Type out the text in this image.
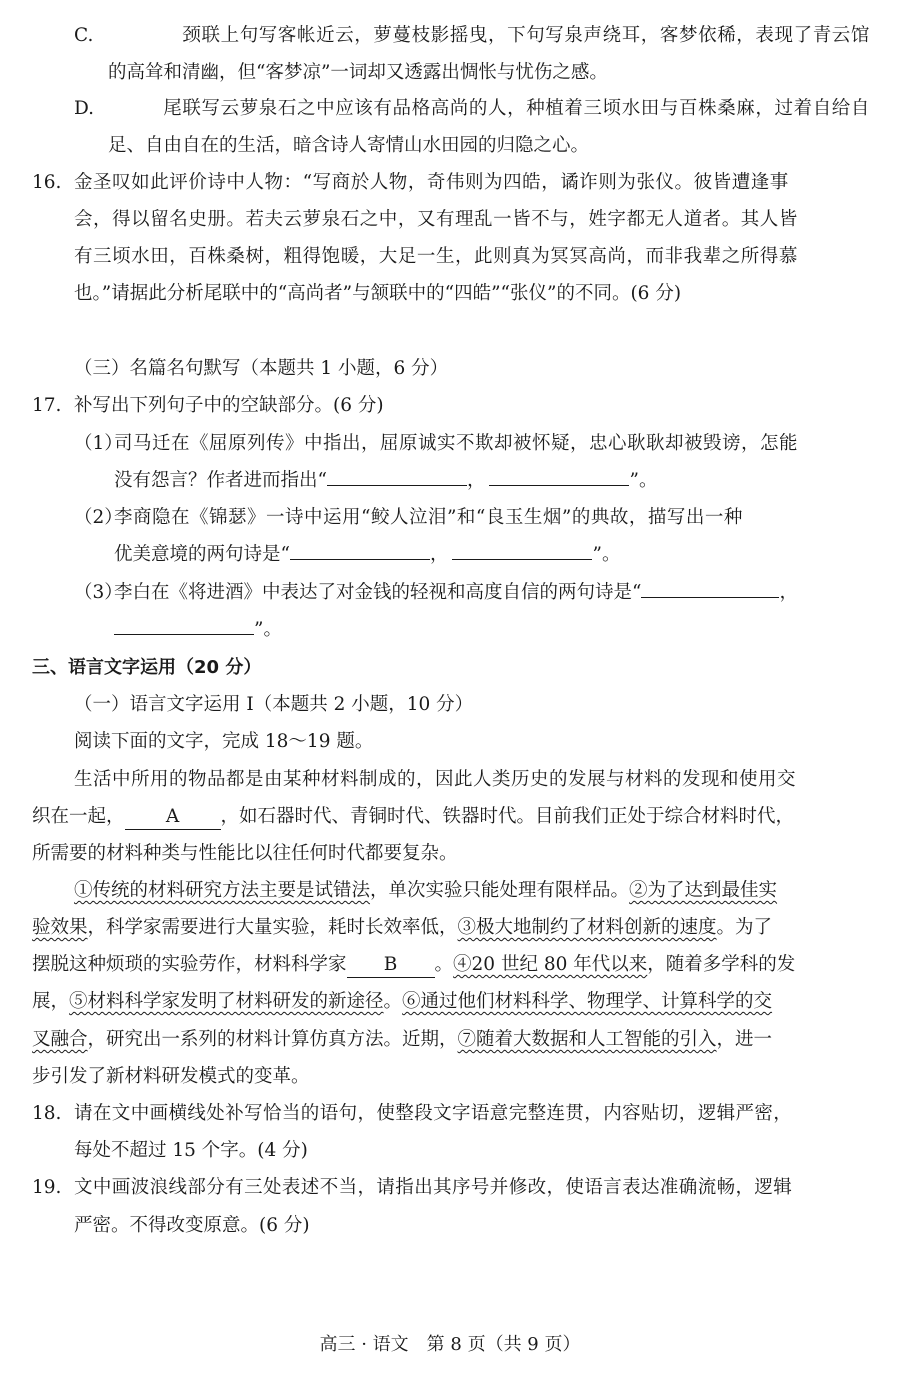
C.	颈联上句写客帐近云，萝蔓枝影摇曳，下句写泉声绕耳，客梦依稀，表现了青云馆
的高耸和清幽，但“客梦凉”一词却又透露出惆怅与忧伤之感。
D.	尾联写云萝泉石之中应该有品格高尚的人，种植着三顷水田与百株桑麻，过着自给自
足、自由自在的生活，暗含诗人寄情山水田园的归隐之心。
16. 金圣叹如此评价诗中人物：“写商於人物，奇伟则为四皓，谲诈则为张仪。彼皆遭逢事
会，得以留名史册。若夫云萝泉石之中，又有理乱一皆不与，姓字都无人道者。其人皆
有三顷水田，百株桑树，粗得饱暖，大足一生，此则真为冥冥高尚，而非我辈之所得慕
也。”请据此分析尾联中的“高尚者”与颔联中的“四皓”“张仪”的不同。(6 分)
（三）名篇名句默写（本题共 1 小题，6 分）
17. 补写出下列句子中的空缺部分。(6 分)
（1）司马迁在《屈原列传》中指出，屈原诚实不欺却被怀疑，忠心耿耿却被毁谤，怎能
没有怨言？作者进而指出“	，	”。
（2）李商隐在《锦瑟》一诗中运用“鲛人泣泪”和“良玉生烟”的典故，描写出一种
优美意境的两句诗是“	，	”。
（3）李白在《将进酒》中表达了对金钱的轻视和高度自信的两句诗是“	，
”。
三、语言文字运用（20 分）
（一）语言文字运用 Ⅰ（本题共 2 小题，10 分）
阅读下面的文字，完成 18～19 题。
生活中所用的物品都是由某种材料制成的，因此人类历史的发展与材料的发现和使用交
织在一起， A ，如石器时代、青铜时代、铁器时代。目前我们正处于综合材料时代，
所需要的材料种类与性能比以往任何时代都要复杂。
①传统的材料研究方法主要是试错法，单次实验只能处理有限样品。②为了达到最佳实
验效果，科学家需要进行大量实验，耗时长效率低，③极大地制约了材料创新的速度。为了
摆脱这种烦琐的实验劳作，材料科学家 B 。④20 世纪 80 年代以来，随着多学科的发
展，⑤材料科学家发明了材料研发的新途径。⑥通过他们材料科学、物理学、计算科学的交
叉融合，研究出一系列的材料计算仿真方法。近期，⑦随着大数据和人工智能的引入，进一
步引发了新材料研发模式的变革。
18. 请在文中画横线处补写恰当的语句，使整段文字语意完整连贯，内容贴切，逻辑严密，
每处不超过 15 个字。(4 分)
19. 文中画波浪线部分有三处表述不当，请指出其序号并修改，使语言表达准确流畅，逻辑
严密。不得改变原意。(6 分)
高三 · 语文　第 8 页（共 9 页）
